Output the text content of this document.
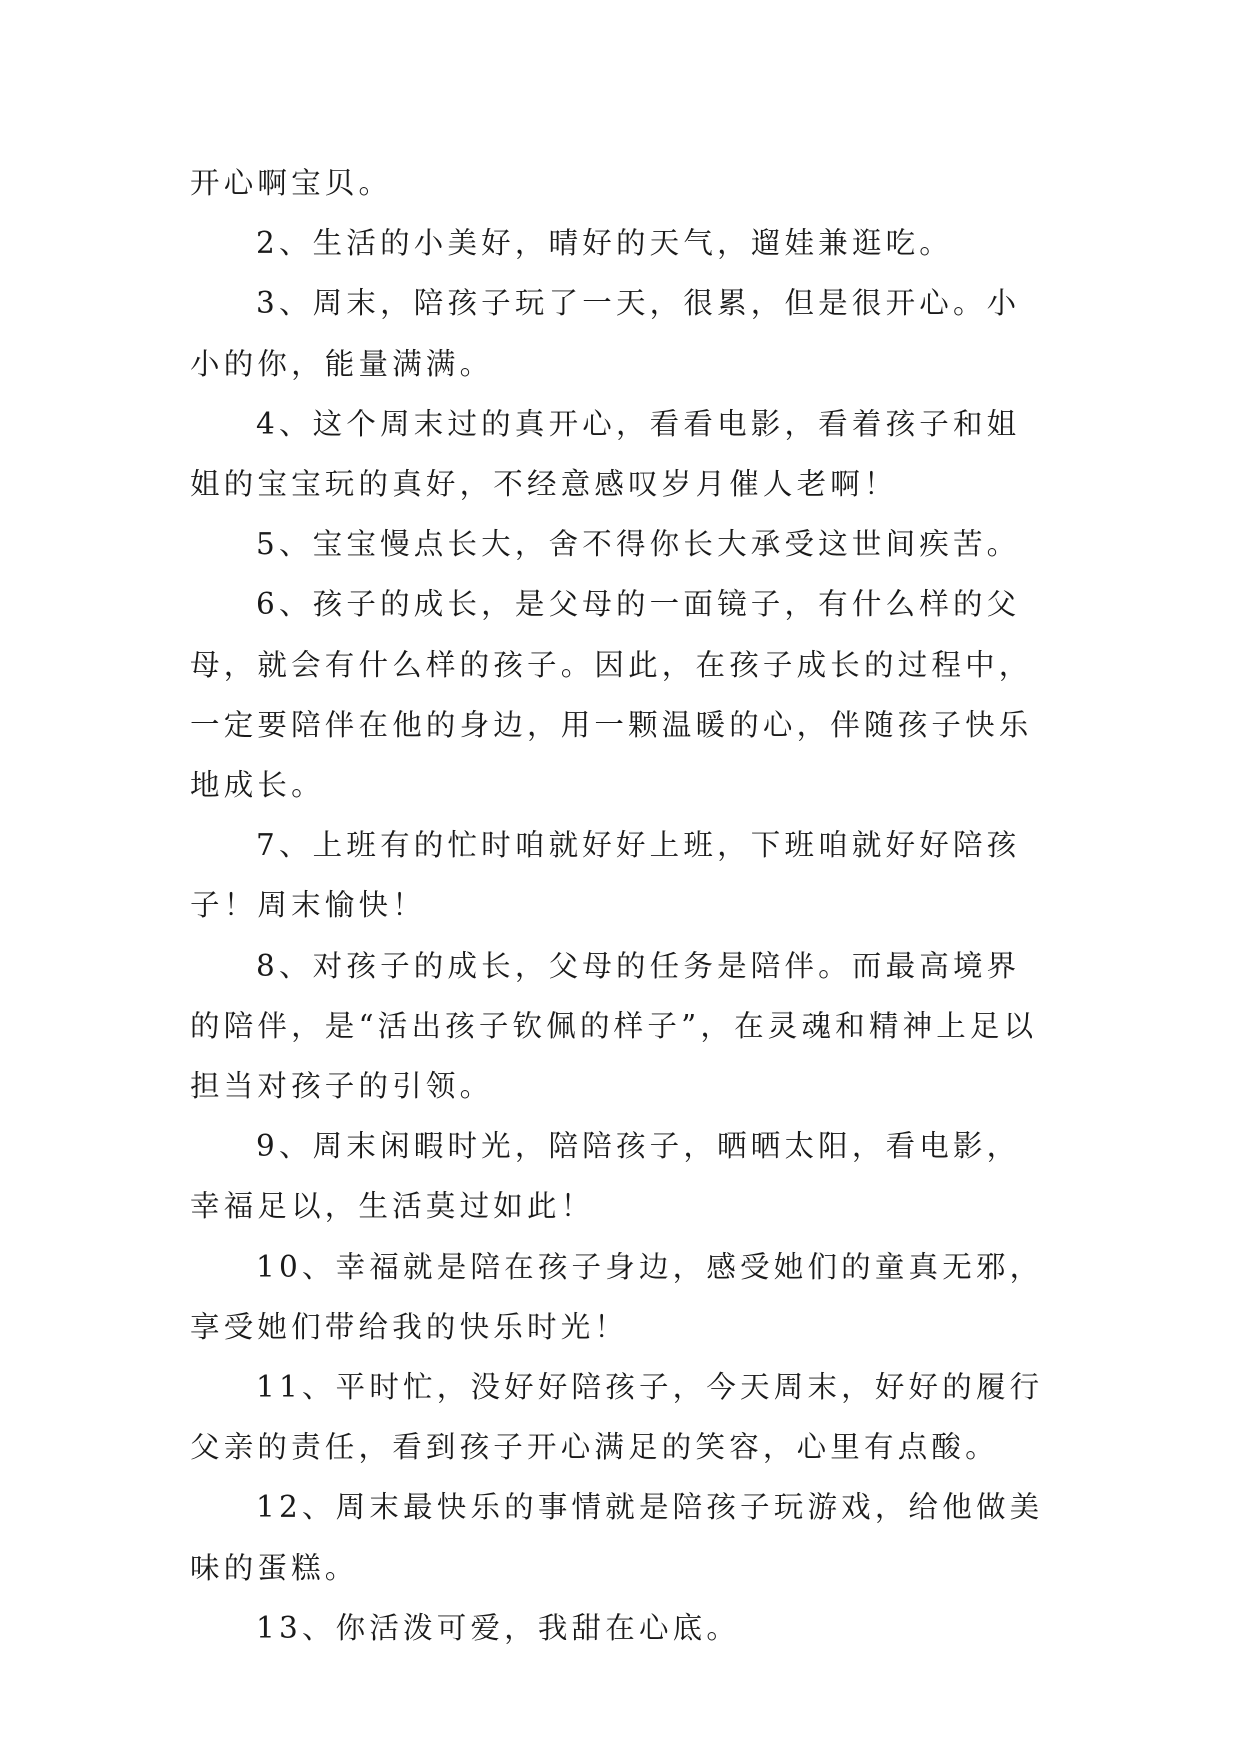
开心啊宝贝。

2、生活的小美好，晴好的天气，遛娃兼逛吃。

3、周末，陪孩子玩了一天，很累，但是很开心。小小的你，能量满满。

4、这个周末过的真开心，看看电影，看着孩子和姐姐的宝宝玩的真好，不经意感叹岁月催人老啊！

5、宝宝慢点长大，舍不得你长大承受这世间疾苦。

6、孩子的成长，是父母的一面镜子，有什么样的父母，就会有什么样的孩子。因此，在孩子成长的过程中，一定要陪伴在他的身边，用一颗温暖的心，伴随孩子快乐地成长。

7、上班有的忙时咱就好好上班，下班咱就好好陪孩子！周末愉快！

8、对孩子的成长，父母的任务是陪伴。而最高境界的陪伴，是“活出孩子钦佩的样子”，在灵魂和精神上足以担当对孩子的引领。

9、周末闲暇时光，陪陪孩子，晒晒太阳，看电影，幸福足以，生活莫过如此！

10、幸福就是陪在孩子身边，感受她们的童真无邪，享受她们带给我的快乐时光！

11、平时忙，没好好陪孩子，今天周末，好好的履行父亲的责任，看到孩子开心满足的笑容，心里有点酸。

12、周末最快乐的事情就是陪孩子玩游戏，给他做美味的蛋糕。

13、你活泼可爱，我甜在心底。
